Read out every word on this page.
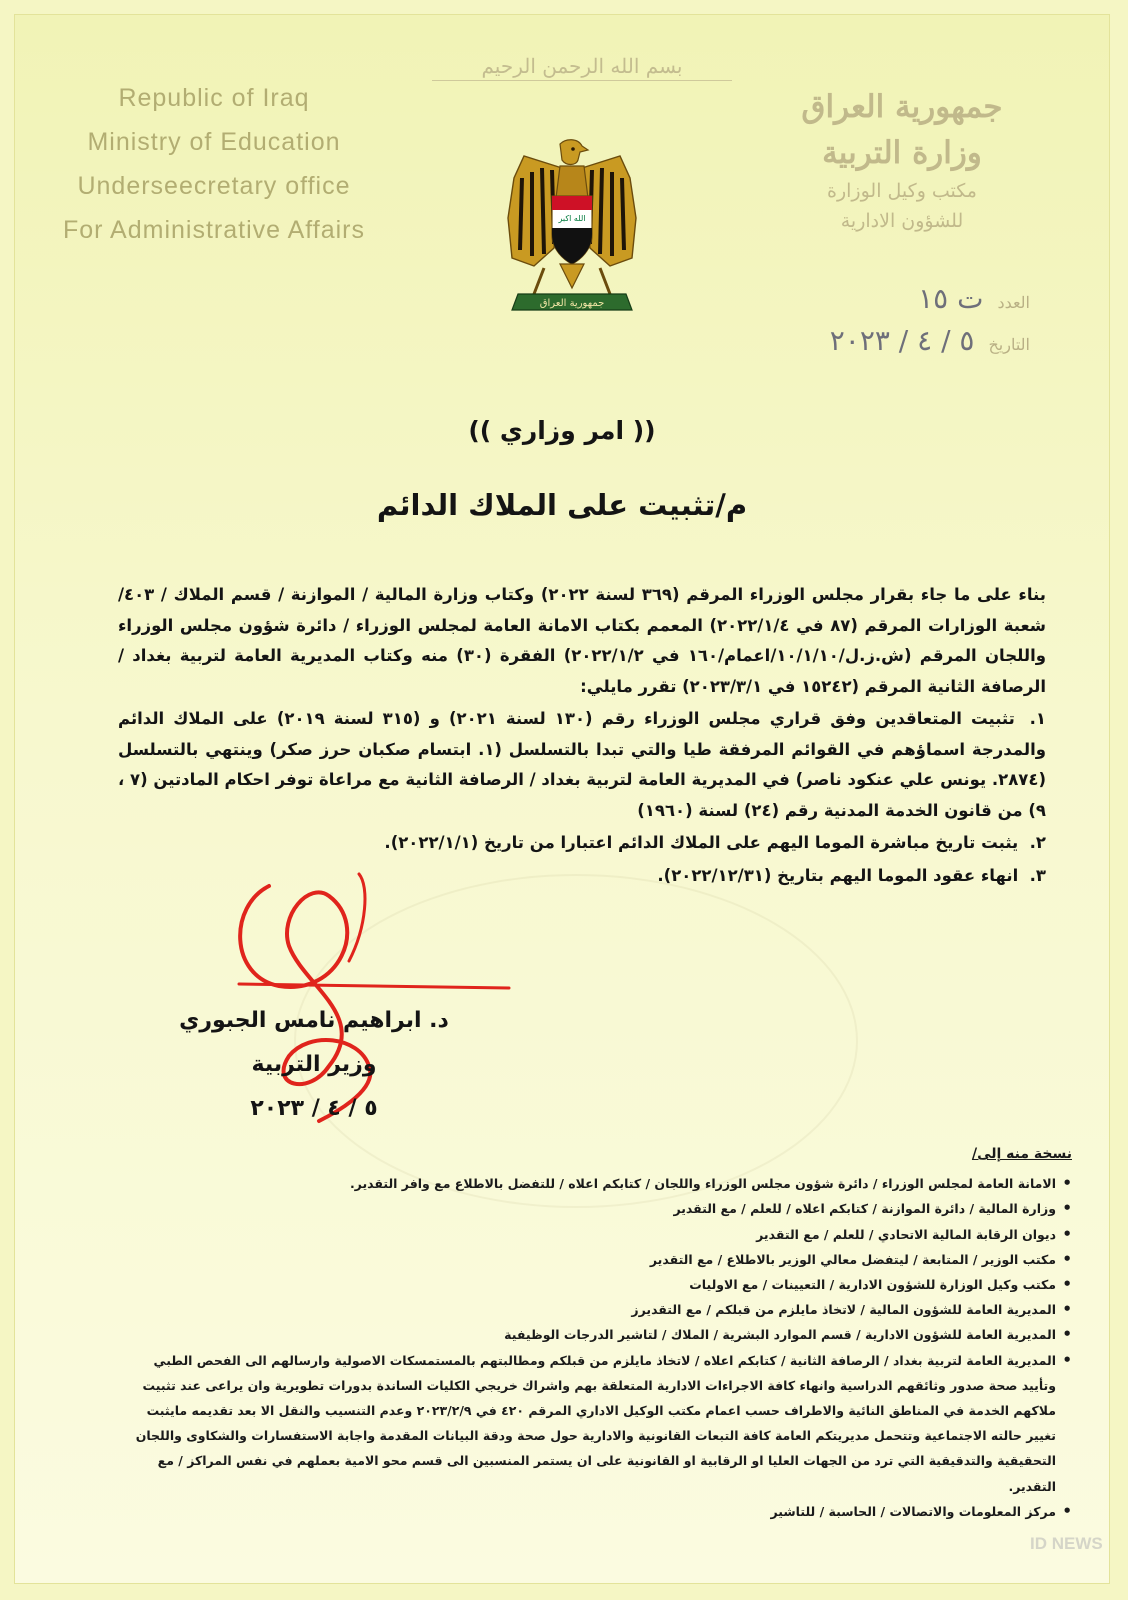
Republic of Iraq
Ministry of Education
Underseecretary office
For Administrative Affairs
بسم الله الرحمن الرحيم
الله اكبر
جمهورية العراق
جمهورية العراق
وزارة التربية
مكتب وكيل الوزارة
للشؤون الادارية
العدد
ت ١٥
التاريخ
٥ / ٤ / ٢٠٢٣
(( امر وزاري ))
م/تثبيت على الملاك الدائم

بناء على ما جاء بقرار مجلس الوزراء المرقم (٣٦٩ لسنة ٢٠٢٢) وكتاب وزارة المالية / الموازنة / قسم الملاك / ٤٠٣/ شعبة الوزارات المرقم (٨٧ في ٢٠٢٢/١/٤) المعمم بكتاب الامانة العامة لمجلس الوزراء / دائرة شؤون مجلس الوزراء واللجان المرقم (ش.ز.ل/١٠/١/١٠/اعمام/١٦٠ في ٢٠٢٢/١/٢) الفقرة (٣٠) منه وكتاب المديرية العامة لتربية بغداد / الرصافة الثانية المرقم (١٥٢٤٢ في ٢٠٢٣/٣/١) تقرر مايلي:

١. تثبيت المتعاقدين وفق قراري مجلس الوزراء رقم (١٣٠ لسنة ٢٠٢١) و (٣١٥ لسنة ٢٠١٩) على الملاك الدائم والمدرجة اسماؤهم في القوائم المرفقة طيا والتي تبدا بالتسلسل (١. ابتسام صكبان حرز صكر) وينتهي بالتسلسل (٢٨٧٤. يونس علي عنكود ناصر) في المديرية العامة لتربية بغداد / الرصافة الثانية مع مراعاة توفر احكام المادتين (٧ ، ٩) من قانون الخدمة المدنية رقم (٢٤) لسنة (١٩٦٠)

٢. يثبت تاريخ مباشرة الموما اليهم على الملاك الدائم اعتبارا من تاريخ (٢٠٢٢/١/١).

٣. انهاء عقود الموما اليهم بتاريخ (٢٠٢٢/١٢/٣١).

د. ابراهيم نامس الجبوري
وزير التربية
٥ / ٤ / ٢٠٢٣
نسخة منه إلى/
• الامانة العامة لمجلس الوزراء / دائرة شؤون مجلس الوزراء واللجان / كتابكم اعلاه / للتفضل بالاطلاع مع وافر التقدير.
• وزارة المالية / دائرة الموازنة / كتابكم اعلاه / للعلم / مع التقدير
• ديوان الرقابة المالية الاتحادي / للعلم / مع التقدير
• مكتب الوزير / المتابعة / ليتفضل معالي الوزير بالاطلاع / مع التقدير
• مكتب وكيل الوزارة للشؤون الادارية / التعيينات / مع الاوليات
• المديرية العامة للشؤون المالية / لاتخاذ مايلزم من قبلكم / مع التقديرز
• المديرية العامة للشؤون الادارية / قسم الموارد البشرية / الملاك / لتاشير الدرجات الوظيفية
• المديرية العامة لتربية بغداد / الرصافة الثانية / كتابكم اعلاه / لاتخاذ مايلزم من قبلكم ومطالبتهم بالمستمسكات الاصولية وارسالهم الى الفحص الطبي وتأييد صحة صدور وثائقهم الدراسية وانهاء كافة الاجراءات الادارية المتعلقة بهم واشراك خريجي الكليات الساندة بدورات تطويرية وان يراعى عند تثبيت ملاكهم الخدمة في المناطق النائية والاطراف حسب اعمام مكتب الوكيل الاداري المرقم ٤٢٠ في ٢٠٢٣/٢/٩ وعدم التنسيب والنقل الا بعد تقديمه مايثبت تغيير حالته الاجتماعية وتتحمل مديريتكم العامة كافة التبعات القانونية والادارية حول صحة ودقة البيانات المقدمة واجابة الاستفسارات والشكاوى واللجان التحقيقية والتدقيقية التي ترد من الجهات العليا او الرقابية او القانونية على ان يستمر المنسبين الى قسم محو الامية بعملهم في نفس المراكز / مع التقدير.
• مركز المعلومات والاتصالات / الحاسبة / للتاشير
ID NEWS
